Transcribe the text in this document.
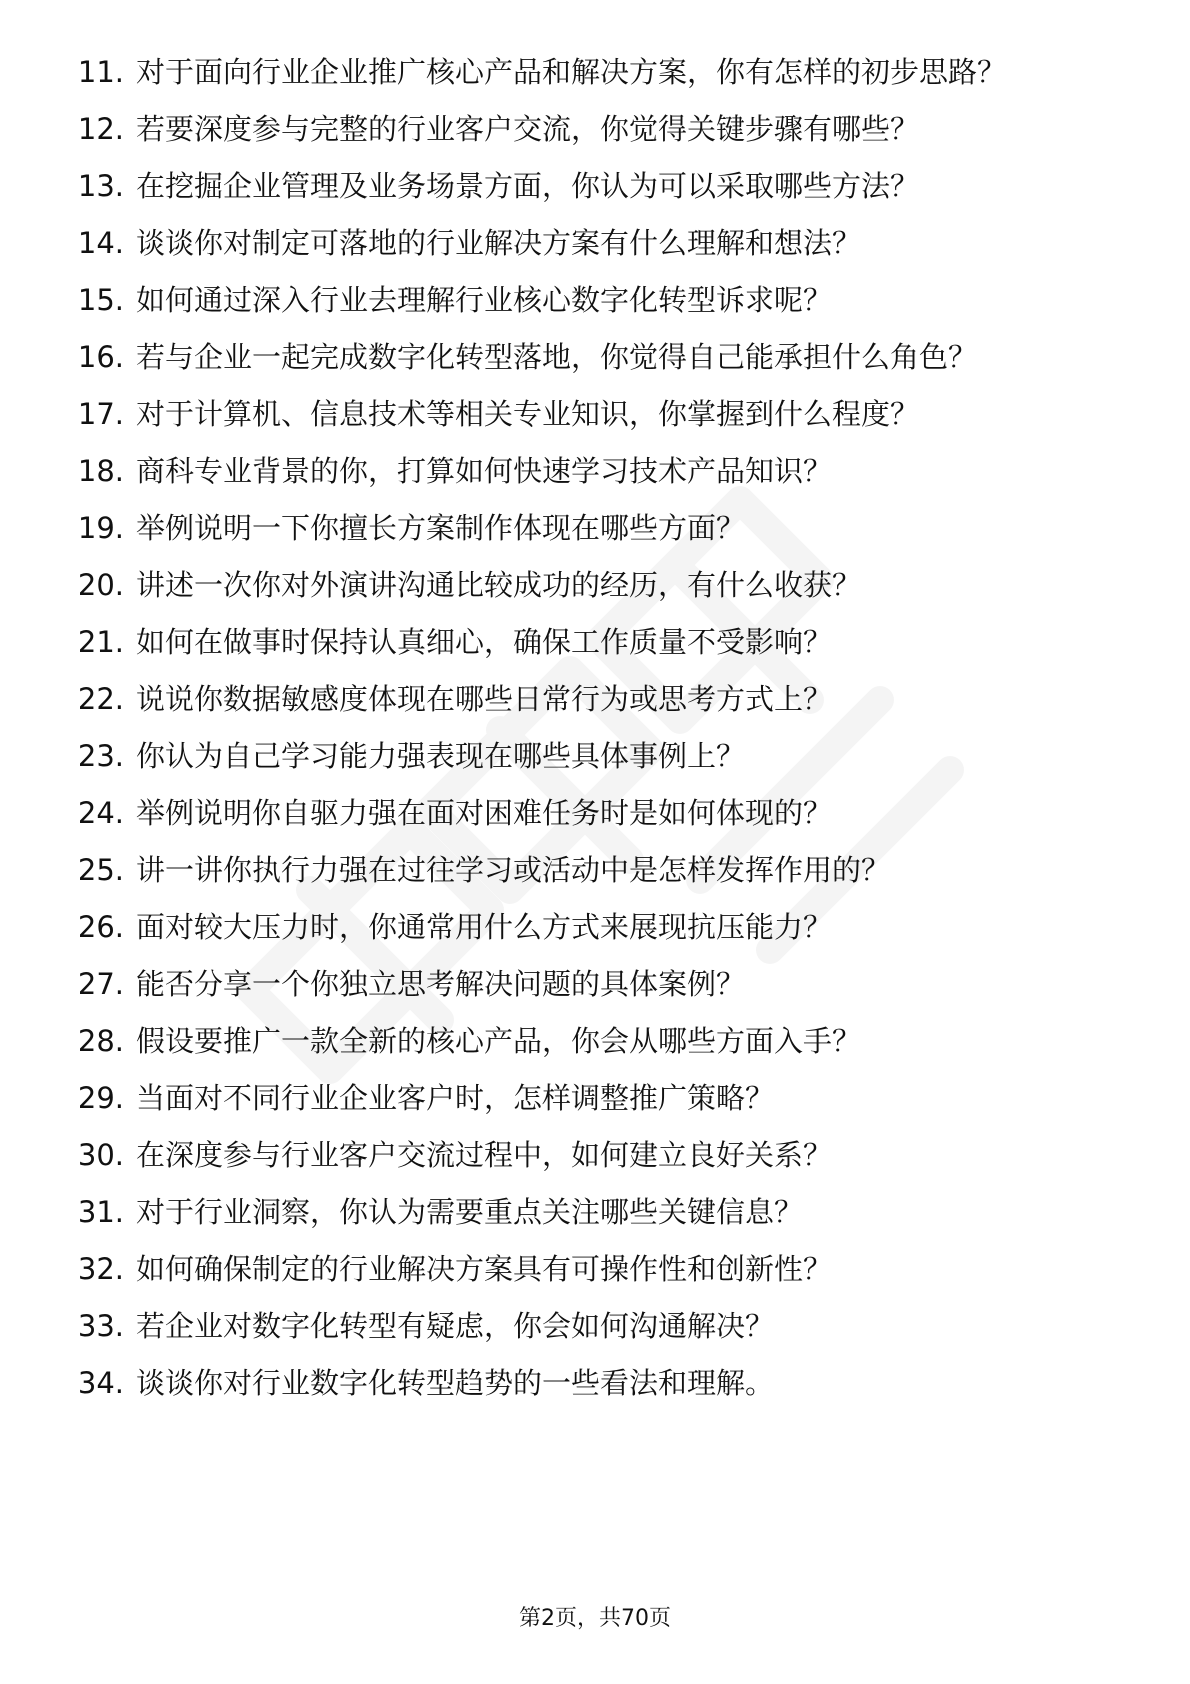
11. 对于面向行业企业推广核心产品和解决方案，你有怎样的初步思路？
12. 若要深度参与完整的行业客户交流，你觉得关键步骤有哪些？
13. 在挖掘企业管理及业务场景方面，你认为可以采取哪些方法？
14. 谈谈你对制定可落地的行业解决方案有什么理解和想法？
15. 如何通过深入行业去理解行业核心数字化转型诉求呢？
16. 若与企业一起完成数字化转型落地，你觉得自己能承担什么角色？
17. 对于计算机、信息技术等相关专业知识，你掌握到什么程度？
18. 商科专业背景的你，打算如何快速学习技术产品知识？
19. 举例说明一下你擅长方案制作体现在哪些方面？
20. 讲述一次你对外演讲沟通比较成功的经历，有什么收获？
21. 如何在做事时保持认真细心，确保工作质量不受影响？
22. 说说你数据敏感度体现在哪些日常行为或思考方式上？
23. 你认为自己学习能力强表现在哪些具体事例上？
24. 举例说明你自驱力强在面对困难任务时是如何体现的？
25. 讲一讲你执行力强在过往学习或活动中是怎样发挥作用的？
26. 面对较大压力时，你通常用什么方式来展现抗压能力？
27. 能否分享一个你独立思考解决问题的具体案例？
28. 假设要推广一款全新的核心产品，你会从哪些方面入手？
29. 当面对不同行业企业客户时，怎样调整推广策略？
30. 在深度参与行业客户交流过程中，如何建立良好关系？
31. 对于行业洞察，你认为需要重点关注哪些关键信息？
32. 如何确保制定的行业解决方案具有可操作性和创新性？
33. 若企业对数字化转型有疑虑，你会如何沟通解决？
34. 谈谈你对行业数字化转型趋势的一些看法和理解。
第2页，共70页
